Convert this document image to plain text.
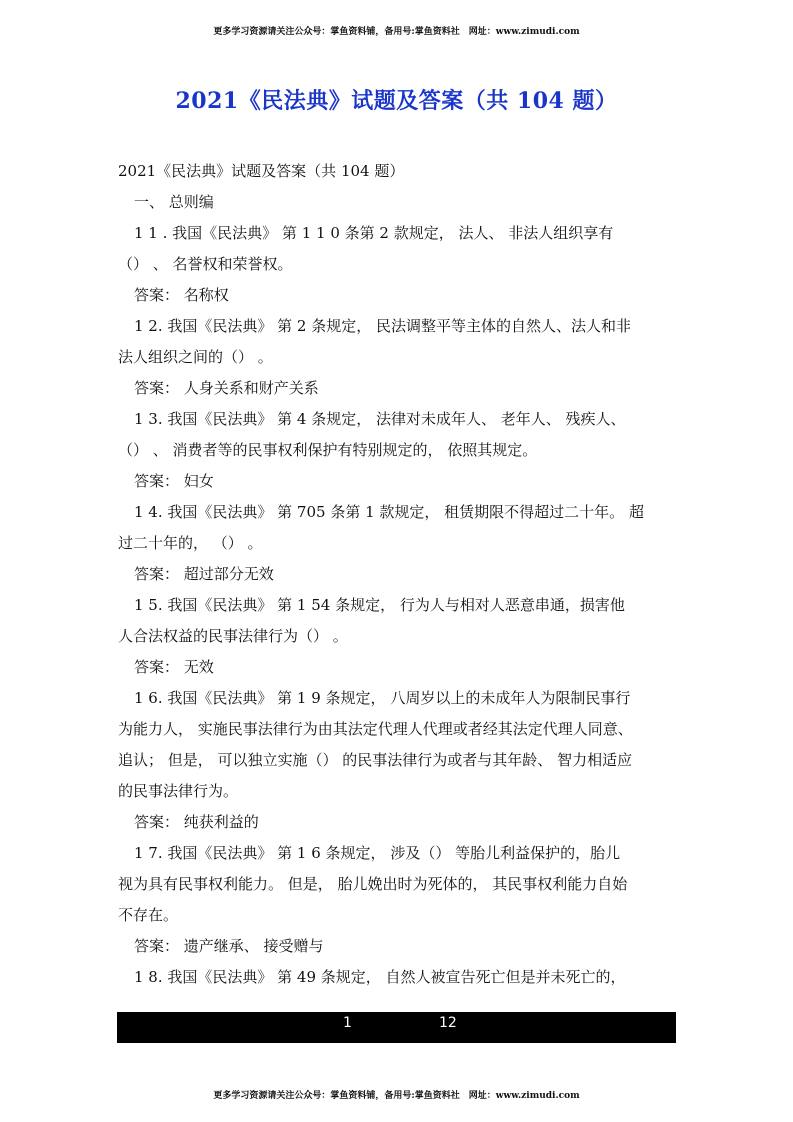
更多学习资源请关注公众号：掌鱼资料铺，备用号:掌鱼资料社　网址：www.zimudi.com
2021《民法典》试题及答案（共 104 题）

2021《民法典》试题及答案（共 104 题）

一、 总则编

1 1 . 我国《民法典》 第 1 1 0 条第 2 款规定， 法人、 非法人组织享有

（） 、 名誉权和荣誉权。

答案： 名称权

1 2. 我国《民法典》 第 2 条规定， 民法调整平等主体的自然人、法人和非

法人组织之间的（） 。

答案： 人身关系和财产关系

1 3. 我国《民法典》 第 4 条规定， 法律对未成年人、 老年人、 残疾人、

（） 、 消费者等的民事权利保护有特别规定的， 依照其规定。

答案： 妇女

1 4. 我国《民法典》 第 705 条第 1 款规定， 租赁期限不得超过二十年。 超

过二十年的， （） 。

答案： 超过部分无效

1 5. 我国《民法典》 第 1 54 条规定， 行为人与相对人恶意串通，损害他

人合法权益的民事法律行为（） 。

答案： 无效

1 6. 我国《民法典》 第 1 9 条规定， 八周岁以上的未成年人为限制民事行

为能力人， 实施民事法律行为由其法定代理人代理或者经其法定代理人同意、

追认； 但是， 可以独立实施（） 的民事法律行为或者与其年龄、 智力相适应

的民事法律行为。

答案： 纯获利益的

1 7. 我国《民法典》 第 1 6 条规定， 涉及（） 等胎儿利益保护的，胎儿

视为具有民事权利能力。 但是， 胎儿娩出时为死体的， 其民事权利能力自始

不存在。

答案： 遗产继承、 接受赠与

1 8. 我国《民法典》 第 49 条规定， 自然人被宣告死亡但是并未死亡的，

1	12
更多学习资源请关注公众号：掌鱼资料铺，备用号:掌鱼资料社　网址：www.zimudi.com
